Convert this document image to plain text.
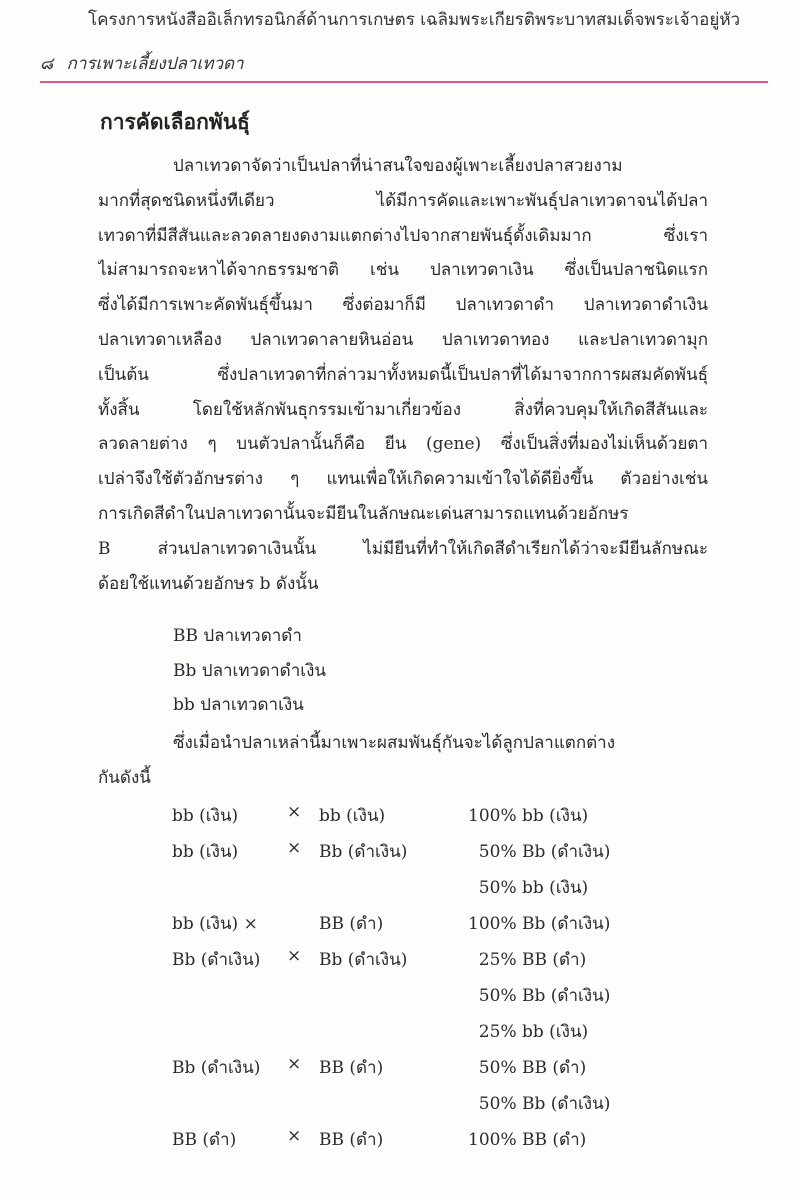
โครงการหนังสืออิเล็กทรอนิกส์ด้านการเกษตร เฉลิมพระเกียรติพระบาทสมเด็จพระเจ้าอยู่หัว
๘ การเพาะเลี้ยงปลาเทวดา
การคัดเลือกพันธุ์
ปลาเทวดาจัดว่าเป็นปลาที่น่าสนใจของผู้เพาะเลี้ยงปลาสวยงาม
มากที่สุดชนิดหนึ่งทีเดียว ได้มีการคัดและเพาะพันธุ์ปลาเทวดาจนได้ปลา
เทวดาที่มีสีสันและลวดลายงดงามแตกต่างไปจากสายพันธุ์ดั้งเดิมมาก ซึ่งเรา
ไม่สามารถจะหาได้จากธรรมชาติ เช่น ปลาเทวดาเงิน ซึ่งเป็นปลาชนิดแรก
ซึ่งได้มีการเพาะคัดพันธุ์ขึ้นมา ซึ่งต่อมาก็มี ปลาเทวดาดำ ปลาเทวดาดำเงิน
ปลาเทวดาเหลือง ปลาเทวดาลายหินอ่อน ปลาเทวดาทอง และปลาเทวดามุก
เป็นต้น ซึ่งปลาเทวดาที่กล่าวมาทั้งหมดนี้เป็นปลาที่ได้มาจากการผสมคัดพันธุ์
ทั้งสิ้น โดยใช้หลักพันธุกรรมเข้ามาเกี่ยวข้อง สิ่งที่ควบคุมให้เกิดสีสันและ
ลวดลายต่าง ๆ บนตัวปลานั้นก็คือ ยีน (gene) ซึ่งเป็นสิ่งที่มองไม่เห็นด้วยตา
เปล่าจึงใช้ตัวอักษรต่าง ๆ แทนเพื่อให้เกิดความเข้าใจได้ดียิ่งขึ้น ตัวอย่างเช่น
การเกิดสีดำในปลาเทวดานั้นจะมียีนในลักษณะเด่นสามารถแทนด้วยอักษร
B ส่วนปลาเทวดาเงินนั้น ไม่มียีนที่ทำให้เกิดสีดำเรียกได้ว่าจะมียีนลักษณะ
ด้อยใช้แทนด้วยอักษร b ดังนั้น
BB ปลาเทวดาดำ
Bb ปลาเทวดาดำเงิน
bb ปลาเทวดาเงิน
ซึ่งเมื่อนำปลาเหล่านี้มาเพาะผสมพันธุ์กันจะได้ลูกปลาแตกต่าง
กันดังนี้
bb (เงิน)	× bb (เงิน)	100% bb (เงิน)
bb (เงิน)	× Bb (ดำเงิน)	50% Bb (ดำเงิน)
50% bb (เงิน)
bb (เงิน) ×	BB (ดำ)	100% Bb (ดำเงิน)
Bb (ดำเงิน) × Bb (ดำเงิน)	25% BB (ดำ)
50% Bb (ดำเงิน)
25% bb (เงิน)
Bb (ดำเงิน) × BB (ดำ)	50% BB (ดำ)
50% Bb (ดำเงิน)
BB (ดำ)	× BB (ดำ)	100% BB (ดำ)
